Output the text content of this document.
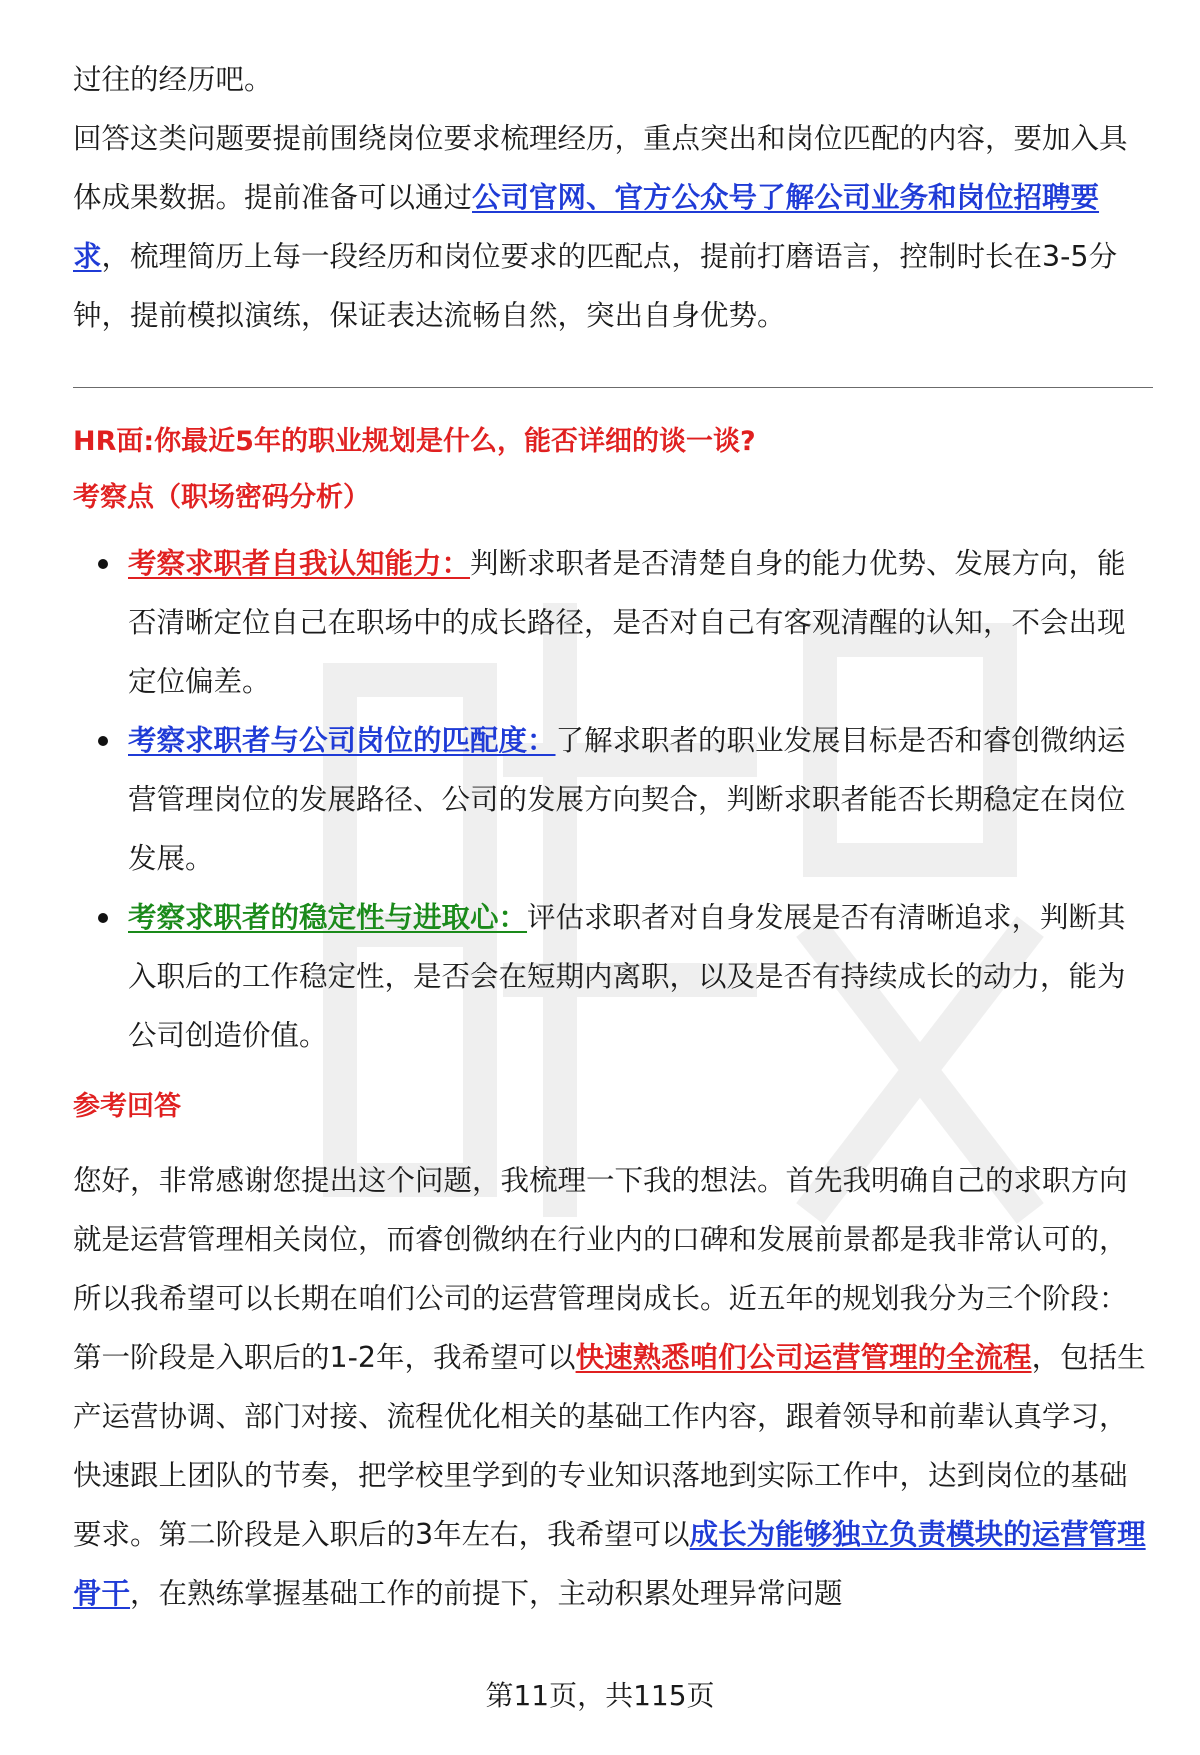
过往的经历吧。

回答这类问题要提前围绕岗位要求梳理经历，重点突出和岗位匹配的内容，要加入具体成果数据。提前准备可以通过公司官网、官方公众号了解公司业务和岗位招聘要求，梳理简历上每一段经历和岗位要求的匹配点，提前打磨语言，控制时长在3-5分钟，提前模拟演练，保证表达流畅自然，突出自身优势。

HR面:你最近5年的职业规划是什么，能否详细的谈一谈?

考察点（职场密码分析）

考察求职者自我认知能力：判断求职者是否清楚自身的能力优势、发展方向，能否清晰定位自己在职场中的成长路径，是否对自己有客观清醒的认知，不会出现定位偏差。
考察求职者与公司岗位的匹配度：了解求职者的职业发展目标是否和睿创微纳运营管理岗位的发展路径、公司的发展方向契合，判断求职者能否长期稳定在岗位发展。
考察求职者的稳定性与进取心：评估求职者对自身发展是否有清晰追求，判断其入职后的工作稳定性，是否会在短期内离职，以及是否有持续成长的动力，能为公司创造价值。

参考回答

您好，非常感谢您提出这个问题，我梳理一下我的想法。首先我明确自己的求职方向就是运营管理相关岗位，而睿创微纳在行业内的口碑和发展前景都是我非常认可的，所以我希望可以长期在咱们公司的运营管理岗成长。近五年的规划我分为三个阶段：第一阶段是入职后的1-2年，我希望可以快速熟悉咱们公司运营管理的全流程，包括生产运营协调、部门对接、流程优化相关的基础工作内容，跟着领导和前辈认真学习，快速跟上团队的节奏，把学校里学到的专业知识落地到实际工作中，达到岗位的基础要求。第二阶段是入职后的3年左右，我希望可以成长为能够独立负责模块的运营管理骨干，在熟练掌握基础工作的前提下，主动积累处理异常问题

第11页，共115页
